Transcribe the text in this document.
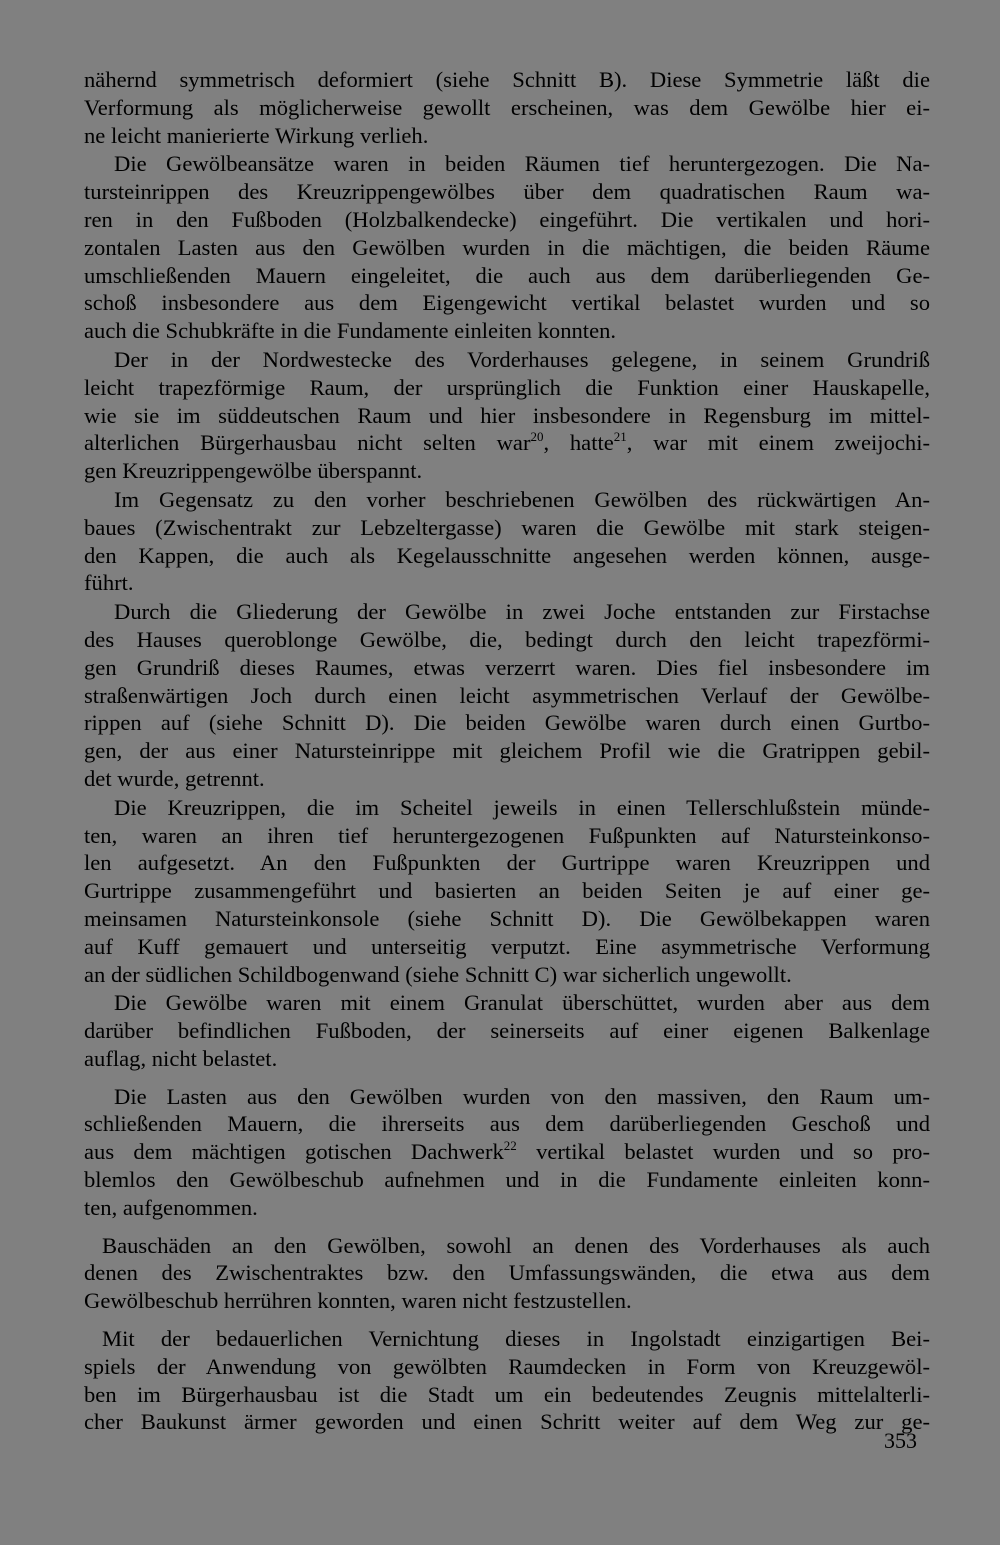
nähernd symmetrisch deformiert (siehe Schnitt B). Diese Symmetrie läßt die
Verformung als möglicherweise gewollt erscheinen, was dem Gewölbe hier ei-
ne leicht manierierte Wirkung verlieh.
Die Gewölbeansätze waren in beiden Räumen tief heruntergezogen. Die Na-
tursteinrippen des Kreuzrippengewölbes über dem quadratischen Raum wa-
ren in den Fußboden (Holzbalkendecke) eingeführt. Die vertikalen und hori-
zontalen Lasten aus den Gewölben wurden in die mächtigen, die beiden Räume
umschließenden Mauern eingeleitet, die auch aus dem darüberliegenden Ge-
schoß insbesondere aus dem Eigengewicht vertikal belastet wurden und so
auch die Schubkräfte in die Fundamente einleiten konnten.
Der in der Nordwestecke des Vorderhauses gelegene, in seinem Grundriß
leicht trapezförmige Raum, der ursprünglich die Funktion einer Hauskapelle,
wie sie im süddeutschen Raum und hier insbesondere in Regensburg im mittel-
alterlichen Bürgerhausbau nicht selten war$^{20}$, hatte$^{21}$, war mit einem zweijochi-
gen Kreuzrippengewölbe überspannt.
Im Gegensatz zu den vorher beschriebenen Gewölben des rückwärtigen An-
baues (Zwischentrakt zur Lebzeltergasse) waren die Gewölbe mit stark steigen-
den Kappen, die auch als Kegelausschnitte angesehen werden können, ausge-
führt.
Durch die Gliederung der Gewölbe in zwei Joche entstanden zur Firstachse
des Hauses queroblonge Gewölbe, die, bedingt durch den leicht trapezförmi-
gen Grundriß dieses Raumes, etwas verzerrt waren. Dies fiel insbesondere im
straßenwärtigen Joch durch einen leicht asymmetrischen Verlauf der Gewölbe-
rippen auf (siehe Schnitt D). Die beiden Gewölbe waren durch einen Gurtbo-
gen, der aus einer Natursteinrippe mit gleichem Profil wie die Gratrippen gebil-
det wurde, getrennt.
Die Kreuzrippen, die im Scheitel jeweils in einen Tellerschlußstein münde-
ten, waren an ihren tief heruntergezogenen Fußpunkten auf Natursteinkonso-
len aufgesetzt. An den Fußpunkten der Gurtrippe waren Kreuzrippen und
Gurtrippe zusammengeführt und basierten an beiden Seiten je auf einer ge-
meinsamen Natursteinkonsole (siehe Schnitt D). Die Gewölbekappen waren
auf Kuff gemauert und unterseitig verputzt. Eine asymmetrische Verformung
an der südlichen Schildbogenwand (siehe Schnitt C) war sicherlich ungewollt.
Die Gewölbe waren mit einem Granulat überschüttet, wurden aber aus dem
darüber befindlichen Fußboden, der seinerseits auf einer eigenen Balkenlage
auflag, nicht belastet.
Die Lasten aus den Gewölben wurden von den massiven, den Raum um-
schließenden Mauern, die ihrerseits aus dem darüberliegenden Geschoß und
aus dem mächtigen gotischen Dachwerk$^{22}$ vertikal belastet wurden und so pro-
blemlos den Gewölbeschub aufnehmen und in die Fundamente einleiten konn-
ten, aufgenommen.
Bauschäden an den Gewölben, sowohl an denen des Vorderhauses als auch
denen des Zwischentraktes bzw. den Umfassungswänden, die etwa aus dem
Gewölbeschub herrühren konnten, waren nicht festzustellen.
Mit der bedauerlichen Vernichtung dieses in Ingolstadt einzigartigen Bei-
spiels der Anwendung von gewölbten Raumdecken in Form von Kreuzgewöl-
ben im Bürgerhausbau ist die Stadt um ein bedeutendes Zeugnis mittelalterli-
cher Baukunst ärmer geworden und einen Schritt weiter auf dem Weg zur ge-
353
